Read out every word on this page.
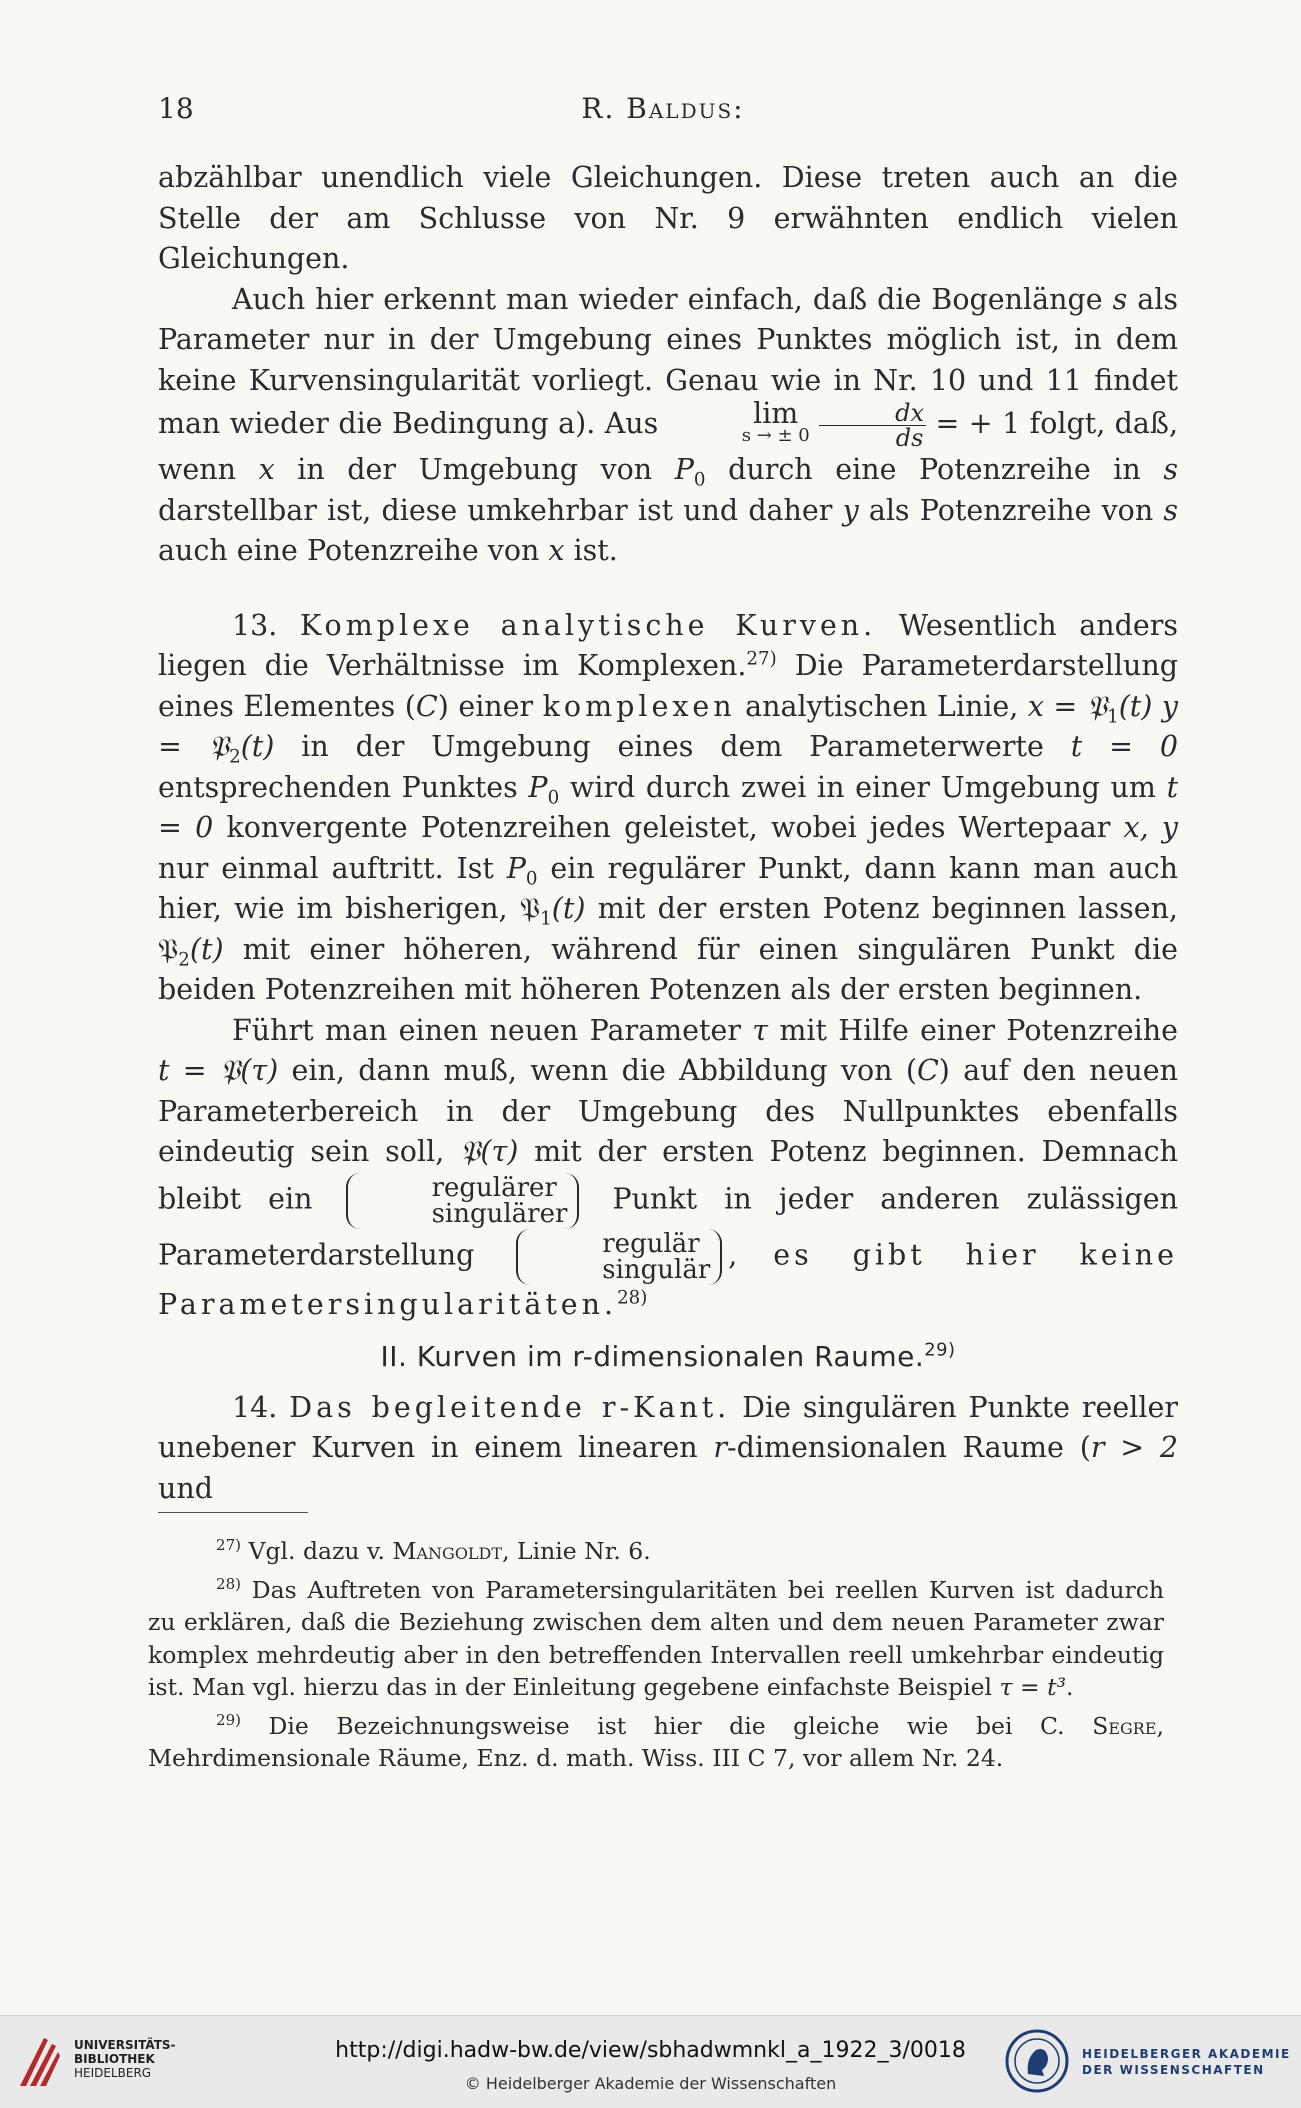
18	R. Baldus:

abzählbar unendlich viele Gleichungen. Diese treten auch an die Stelle der am Schlusse von Nr. 9 erwähnten endlich vielen Gleichungen.

Auch hier erkennt man wieder einfach, daß die Bogenlänge s als Parameter nur in der Umgebung eines Punktes möglich ist, in dem keine Kurvensingularität vorliegt. Genau wie in Nr. 10 und 11 findet man wieder die Bedingung a). Aus	lim
s → ± 0
$\frac{dx}{ds}$ = + 1 folgt, daß, wenn x in der Umgebung von $P_0$ durch eine Potenzreihe in s darstellbar ist, diese umkehrbar ist und daher y als Potenzreihe von s auch eine Potenzreihe von x ist.

13. Komplexe analytische Kurven. Wesentlich anders liegen die Verhältnisse im Komplexen.$^{27)}$ Die Parameterdarstellung eines Elementes (C) einer komplexen analytischen Linie, x = 𝔓$_1$(t) y = 𝔓$_2$(t) in der Umgebung eines dem Parameterwerte t = 0 entsprechenden Punktes $P_0$ wird durch zwei in einer Umgebung um t = 0 konvergente Potenzreihen geleistet, wobei jedes Wertepaar x, y nur einmal auftritt. Ist $P_0$ ein regulärer Punkt, dann kann man auch hier, wie im bisherigen, 𝔓$_1$(t) mit der ersten Potenz beginnen lassen, 𝔓$_2$(t) mit einer höheren, während für einen singulären Punkt die beiden Potenzreihen mit höheren Potenzen als der ersten beginnen.

Führt man einen neuen Parameter τ mit Hilfe einer Potenzreihe t = 𝔓(τ) ein, dann muß, wenn die Abbildung von (C) auf den neuen Parameterbereich in der Umgebung des Nullpunktes ebenfalls eindeutig sein soll, 𝔓(τ) mit der ersten Potenz beginnen. Demnach bleibt ein	regulärer
singulärer Punkt in jeder anderen zulässigen Parameterdarstellung	regulär
singulär , es gibt hier keine Parametersingularitäten.$^{28)}$

II. Kurven im r-dimensionalen Raume.$^{29)}$

14. Das begleitende r-Kant. Die singulären Punkte reeller unebener Kurven in einem linearen r-dimensionalen Raume (r > 2 und

$^{27)}$ Vgl. dazu v. Mangoldt, Linie Nr. 6.

$^{28)}$ Das Auftreten von Parametersingularitäten bei reellen Kurven ist dadurch zu erklären, daß die Beziehung zwischen dem alten und dem neuen Parameter zwar komplex mehrdeutig aber in den betreffenden Intervallen reell umkehrbar eindeutig ist. Man vgl. hierzu das in der Einleitung gegebene einfachste Beispiel τ = t³.

$^{29)}$ Die Bezeichnungsweise ist hier die gleiche wie bei C. Segre, Mehrdimensionale Räume, Enz. d. math. Wiss. III C 7, vor allem Nr. 24.

UNIVERSITÄTS-
BIBLIOTHEK
HEIDELBERG
http://digi.hadw-bw.de/view/sbhadwmnkl_a_1922_3/0018
© Heidelberger Akademie der Wissenschaften
HEIDELBERGER AKADEMIE
DER WISSENSCHAFTEN
